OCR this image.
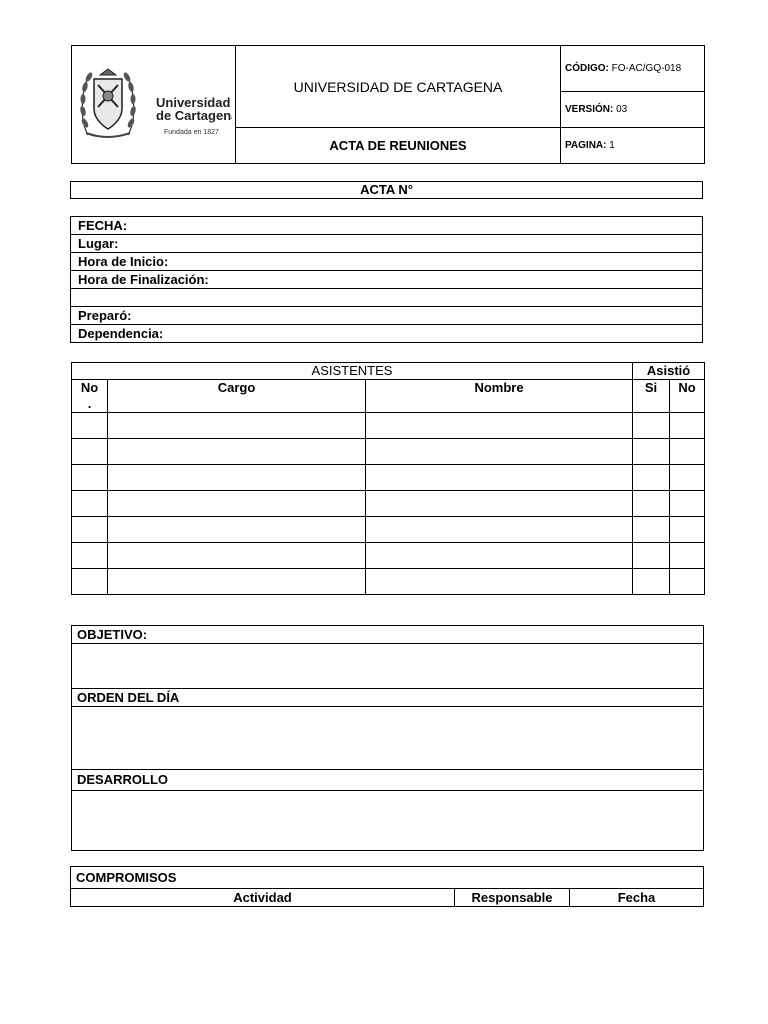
Universidad
de Cartagena
Fundada en 1827	UNIVERSIDAD DE CARTAGENA	CÓDIGO: FO-AC/GQ-018
		VERSIÓN: 03
	ACTA DE REUNIONES	PAGINA: 1
ACTA N°
FECHA:
Lugar:
Hora de Inicio:
Hora de Finalización:

Preparó:
Dependencia:
ASISTENTES			Asistió	
No
.	Cargo	Nombre	Si	No

OBJETIVO:

ORDEN DEL DÍA

DESARROLLO

COMPROMISOS
Actividad	Responsable	Fecha
